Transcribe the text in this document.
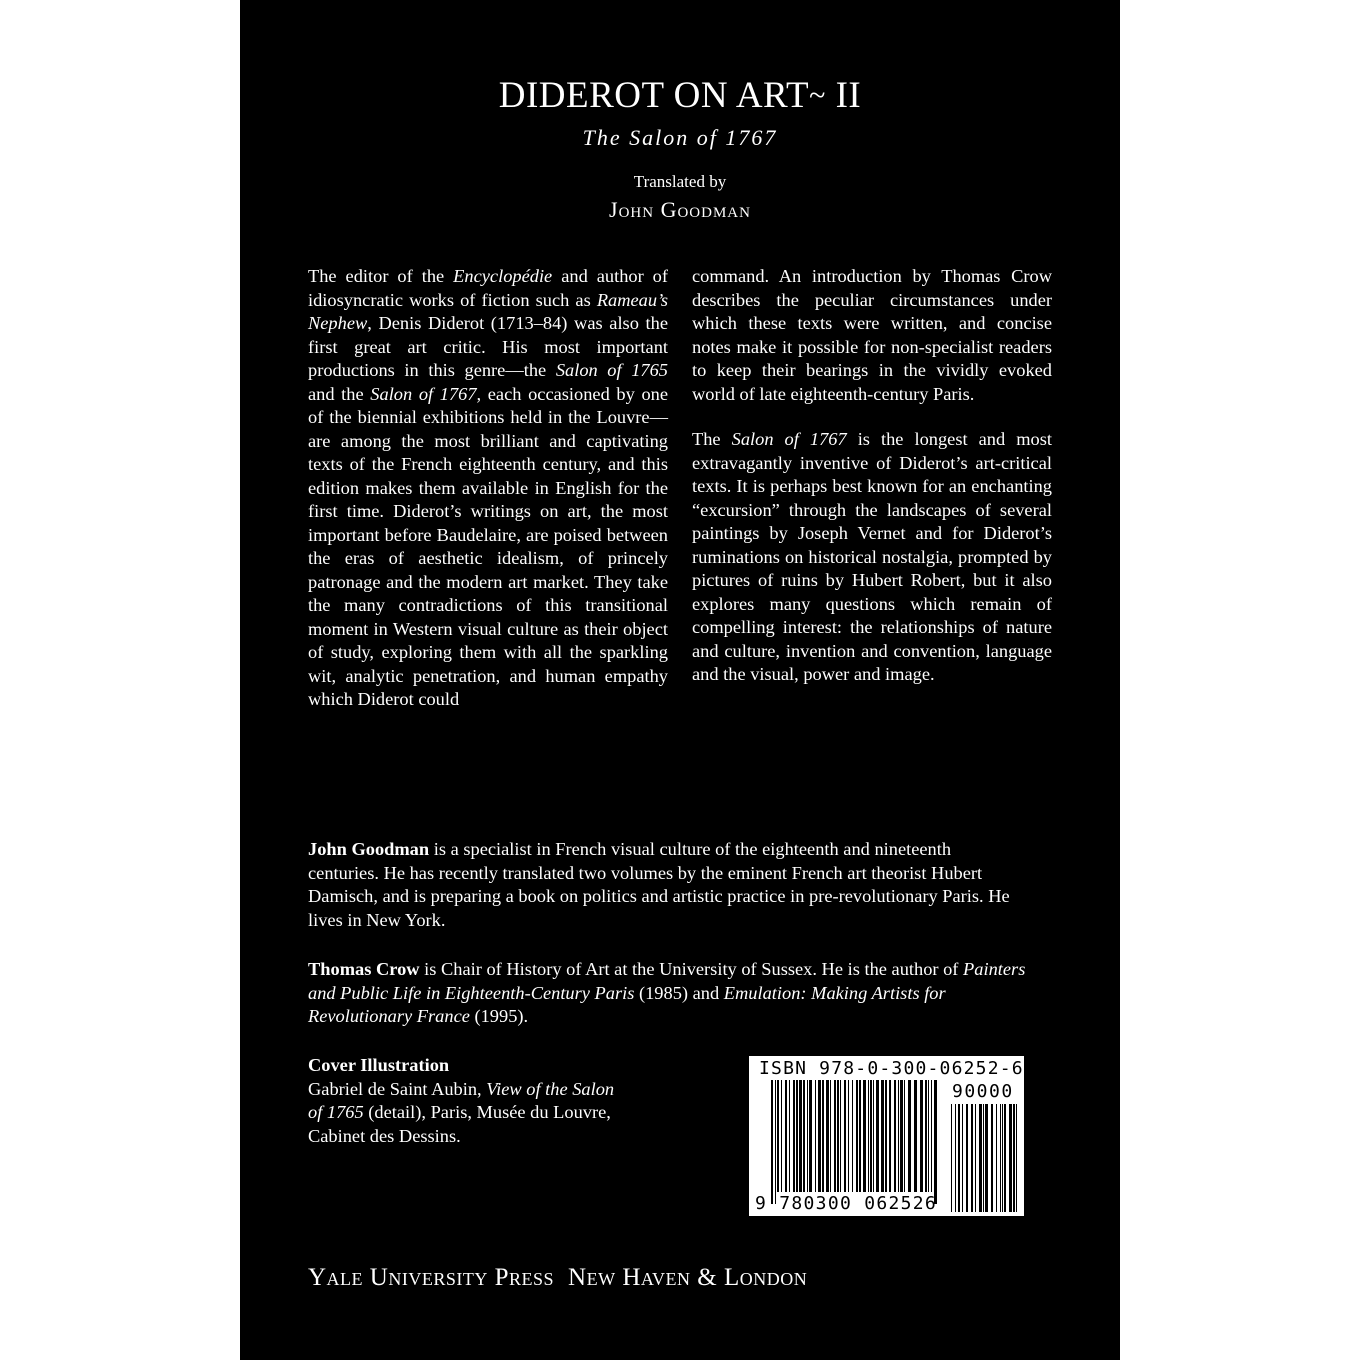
DIDEROT ON ART~ II
The Salon of 1767
Translated by
John Goodman

The editor of the Encyclopédie and author of idiosyncratic works of fiction such as Rameau’s Nephew, Denis Diderot (1713–84) was also the first great art critic. His most important productions in this genre—the Salon of 1765 and the Salon of 1767, each occasioned by one of the biennial exhibitions held in the Louvre—are among the most brilliant and captivating texts of the French eighteenth century, and this edition makes them available in English for the first time. Diderot’s writings on art, the most important before Baudelaire, are poised between the eras of aesthetic idealism, of princely patronage and the modern art market. They take the many contradictions of this transitional moment in Western visual culture as their object of study, exploring them with all the sparkling wit, analytic penetration, and human empathy which Diderot could

command. An introduction by Thomas Crow describes the peculiar circumstances under which these texts were written, and concise notes make it possible for non-specialist readers to keep their bearings in the vividly evoked world of late eighteenth-century Paris.

The Salon of 1767 is the longest and most extravagantly inventive of Diderot’s art-critical texts. It is perhaps best known for an enchanting “excursion” through the landscapes of several paintings by Joseph Vernet and for Diderot’s ruminations on historical nostalgia, prompted by pictures of ruins by Hubert Robert, but it also explores many questions which remain of compelling interest: the relationships of nature and culture, invention and convention, language and the visual, power and image.

John Goodman is a specialist in French visual culture of the eighteenth and nineteenth centuries. He has recently translated two volumes by the eminent French art theorist Hubert Damisch, and is preparing a book on politics and artistic practice in pre-revolutionary Paris. He lives in New York.

Thomas Crow is Chair of History of Art at the University of Sussex. He is the author of Painters and Public Life in Eighteenth-Century Paris (1985) and Emulation: Making Artists for Revolutionary France (1995).

Cover Illustration
Gabriel de Saint Aubin, View of the Salon of 1765 (detail), Paris, Musée du Louvre, Cabinet des Dessins.
ISBN 978-0-300-06252-6
90000
9 780300 062526
Yale University Press New Haven & London
